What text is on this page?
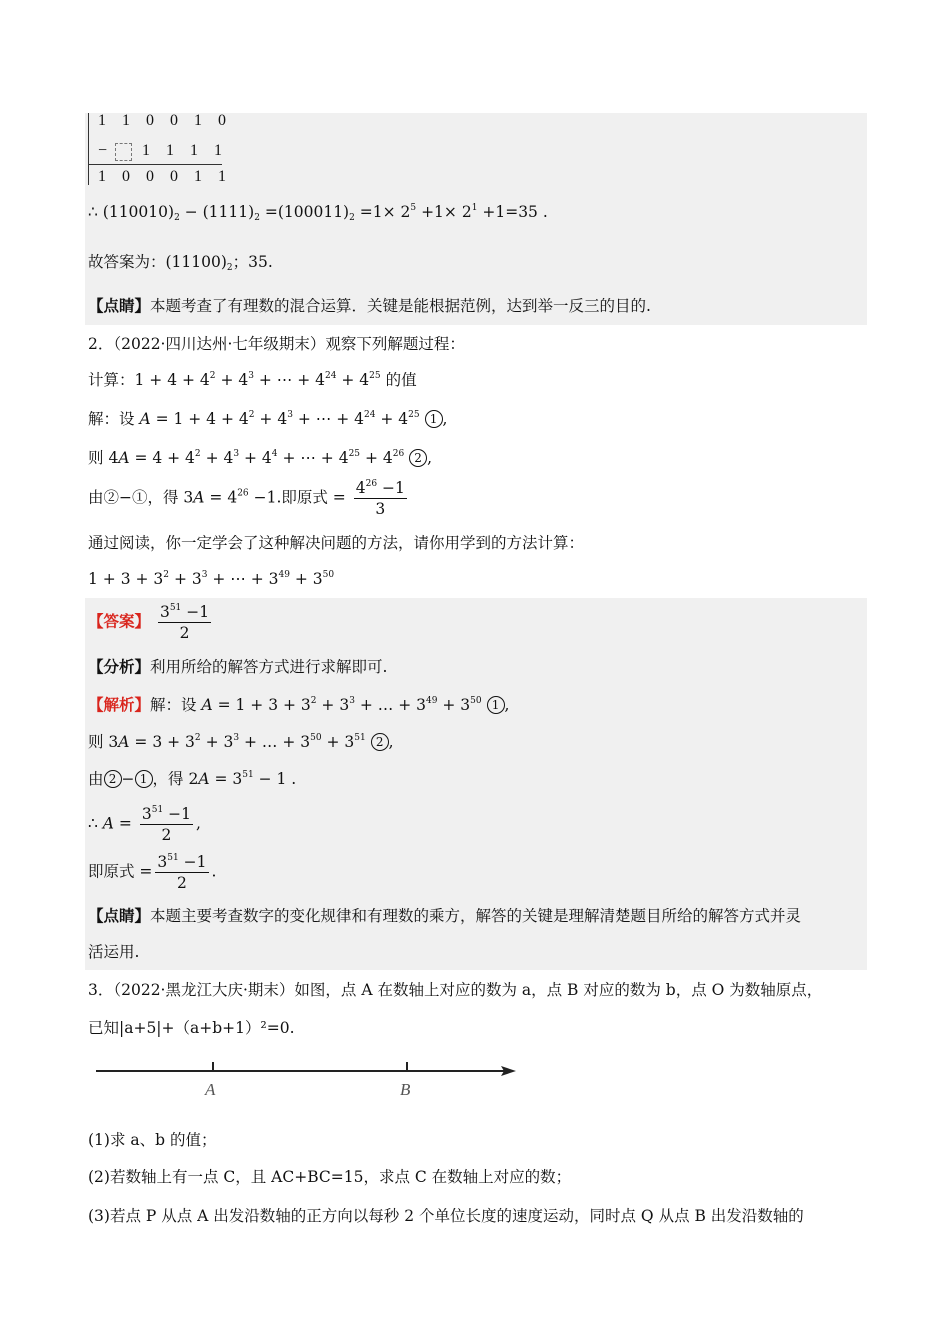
1 1 0 0 1 0
− 1 1 1 1
1 0 0 0 1 1
∴ $(110010)_2 - (1111)_2 =(100011)_2 =1\times 2^5 +1\times 2^1 +1=35$ .
故答案为：$(11100)_2$；35.
【点睛】本题考查了有理数的混合运算．关键是能根据范例，达到举一反三的目的.
2．（2022·四川达州·七年级期末）观察下列解题过程：
计算：$1 + 4 + 4^2 + 4^3$ + ⋯ + $4^{24} + 4^{25}$ 的值
解：设 $A = 1 + 4 + 4^2 + 4^3$ + ⋯ + $4^{24} + 4^{25}$ 1 ,
则 $4A = 4 + 4^2 + 4^3 + 4^4$ + ⋯ + $4^{25} + 4^{26}$ 2 ,
由②−①，得 $3A = 4^{26} -1$.即原式 = $\frac{4^{26} -1}{3}$
通过阅读，你一定学会了这种解决问题的方法，请你用学到的方法计算：
$1 + 3 + 3^2 + 3^3$ + ⋯ + $3^{49} + 3^{50}$
【答案】 $\frac{3^{51} -1}{2}$
【分析】利用所给的解答方式进行求解即可.
【解析】解：设 $A = 1 + 3 + 3^2 + 3^3$ + … + $3^{49} + 3^{50}$ 1 ,
则 $3A = 3 + 3^2 + 3^3$ + … + $3^{50} + 3^{51}$ 2 ,
由 2 − 1 ，得 $2A = 3^{51} - 1$ .
∴ $A = \frac{3^{51} -1}{2}$ ,
即原式 = $\frac{3^{51} -1}{2}$ .
【点睛】本题主要考查数字的变化规律和有理数的乘方，解答的关键是理解清楚题目所给的解答方式并灵
活运用.
3．（2022·黑龙江大庆·期末）如图，点 A 在数轴上对应的数为 a，点 B 对应的数为 b，点 O 为数轴原点，
已知|a+5|+（a+b+1）²=0.
A	B
(1)求 a、b 的值；
(2)若数轴上有一点 C，且 AC+BC=15，求点 C 在数轴上对应的数；
(3)若点 P 从点 A 出发沿数轴的正方向以每秒 2 个单位长度的速度运动，同时点 Q 从点 B 出发沿数轴的
